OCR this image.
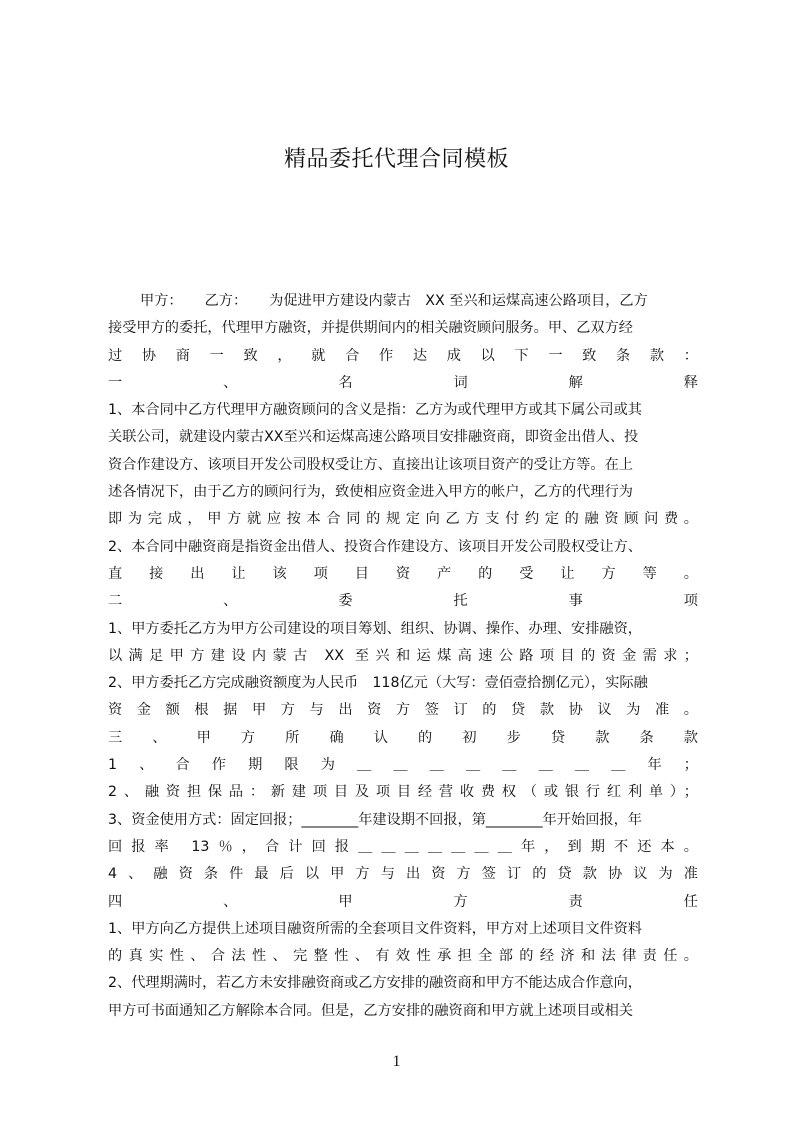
精品委托代理合同模板
甲方： 乙方： 为促进甲方建设内蒙古　XX 至兴和运煤高速公路项目，乙方
接受甲方的委托，代理甲方融资，并提供期间内的相关融资顾问服务。甲、乙双方经
过协商一致，就合作达成以下一致条款：
一、名词解释
1、本合同中乙方代理甲方融资顾问的含义是指：乙方为或代理甲方或其下属公司或其
关联公司，就建设内蒙古XX至兴和运煤高速公路项目安排融资商，即资金出借人、投
资合作建设方、该项目开发公司股权受让方、直接出让该项目资产的受让方等。在上
述各情况下，由于乙方的顾问行为，致使相应资金进入甲方的帐户，乙方的代理行为
即为完成，甲方就应按本合同的规定向乙方支付约定的融资顾问费。
2、本合同中融资商是指资金出借人、投资合作建设方、该项目开发公司股权受让方、
直接出让该项目资产的受让方等。
二、委托事项
1、甲方委托乙方为甲方公司建设的项目筹划、组织、协调、操作、办理、安排融资，
以满足甲方建设内蒙古 XX 至兴和运煤高速公路项目的资金需求；
2、甲方委托乙方完成融资额度为人民币　118亿元（大写：壹佰壹拾捌亿元），实际融
资金额根据甲方与出资方签订的贷款协议为准。
三、甲方所确认的初步贷款条款
1、合作期限为＿＿＿＿＿＿＿＿年；
2、融资担保品：新建项目及项目经营收费权（或银行红利单）；
3、资金使用方式：固定回报；________年建设期不回报，第________年开始回报，年
回报率 13％，合计回报＿＿＿＿＿＿＿年，到期不还本。
4、融资条件最后以甲方与出资方签订的贷款协议为准
四、甲方责任
1、甲方向乙方提供上述项目融资所需的全套项目文件资料，甲方对上述项目文件资料
的真实性、合法性、完整性、有效性承担全部的经济和法律责任。
2、代理期满时，若乙方未安排融资商或乙方安排的融资商和甲方不能达成合作意向，
甲方可书面通知乙方解除本合同。但是，乙方安排的融资商和甲方就上述项目或相关
1
